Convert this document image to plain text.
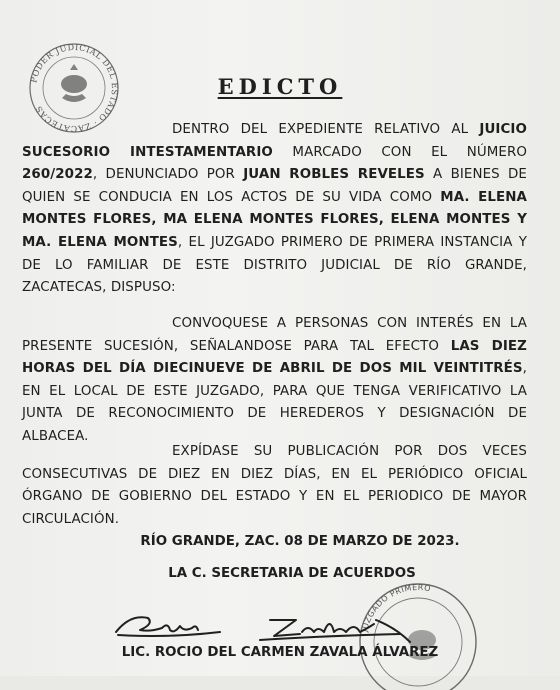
PODER JUDICIAL DEL ESTADO · ZACATECAS
EDICTO
DENTRO DEL EXPEDIENTE RELATIVO AL JUICIO SUCESORIO INTESTAMENTARIO MARCADO CON EL NÚMERO 260/2022, DENUNCIADO POR JUAN ROBLES REVELES A BIENES DE QUIEN SE CONDUCIA EN LOS ACTOS DE SU VIDA COMO MA. ELENA MONTES FLORES, MA ELENA MONTES FLORES, ELENA MONTES Y MA. ELENA MONTES, EL JUZGADO PRIMERO DE PRIMERA INSTANCIA Y DE LO FAMILIAR DE ESTE DISTRITO JUDICIAL DE RÍO GRANDE, ZACATECAS, DISPUSO:
CONVOQUESE A PERSONAS CON INTERÉS EN LA PRESENTE SUCESIÓN, SEÑALANDOSE PARA TAL EFECTO LAS DIEZ HORAS DEL DÍA DIECINUEVE DE ABRIL DE DOS MIL VEINTITRÉS, EN EL LOCAL DE ESTE JUZGADO, PARA QUE TENGA VERIFICATIVO LA JUNTA DE RECONOCIMIENTO DE HEREDEROS Y DESIGNACIÓN DE ALBACEA.
EXPÍDASE SU PUBLICACIÓN POR DOS VECES CONSECUTIVAS DE DIEZ EN DIEZ DÍAS, EN EL PERIÓDICO OFICIAL ÓRGANO DE GOBIERNO DEL ESTADO Y EN EL PERIODICO DE MAYOR CIRCULACIÓN.
RÍO GRANDE, ZAC. 08 DE MARZO DE 2023.
LA C. SECRETARIA DE ACUERDOS
JUZGADO PRIMERO
LIC. ROCIO DEL CARMEN ZAVALA ÁLVAREZ
